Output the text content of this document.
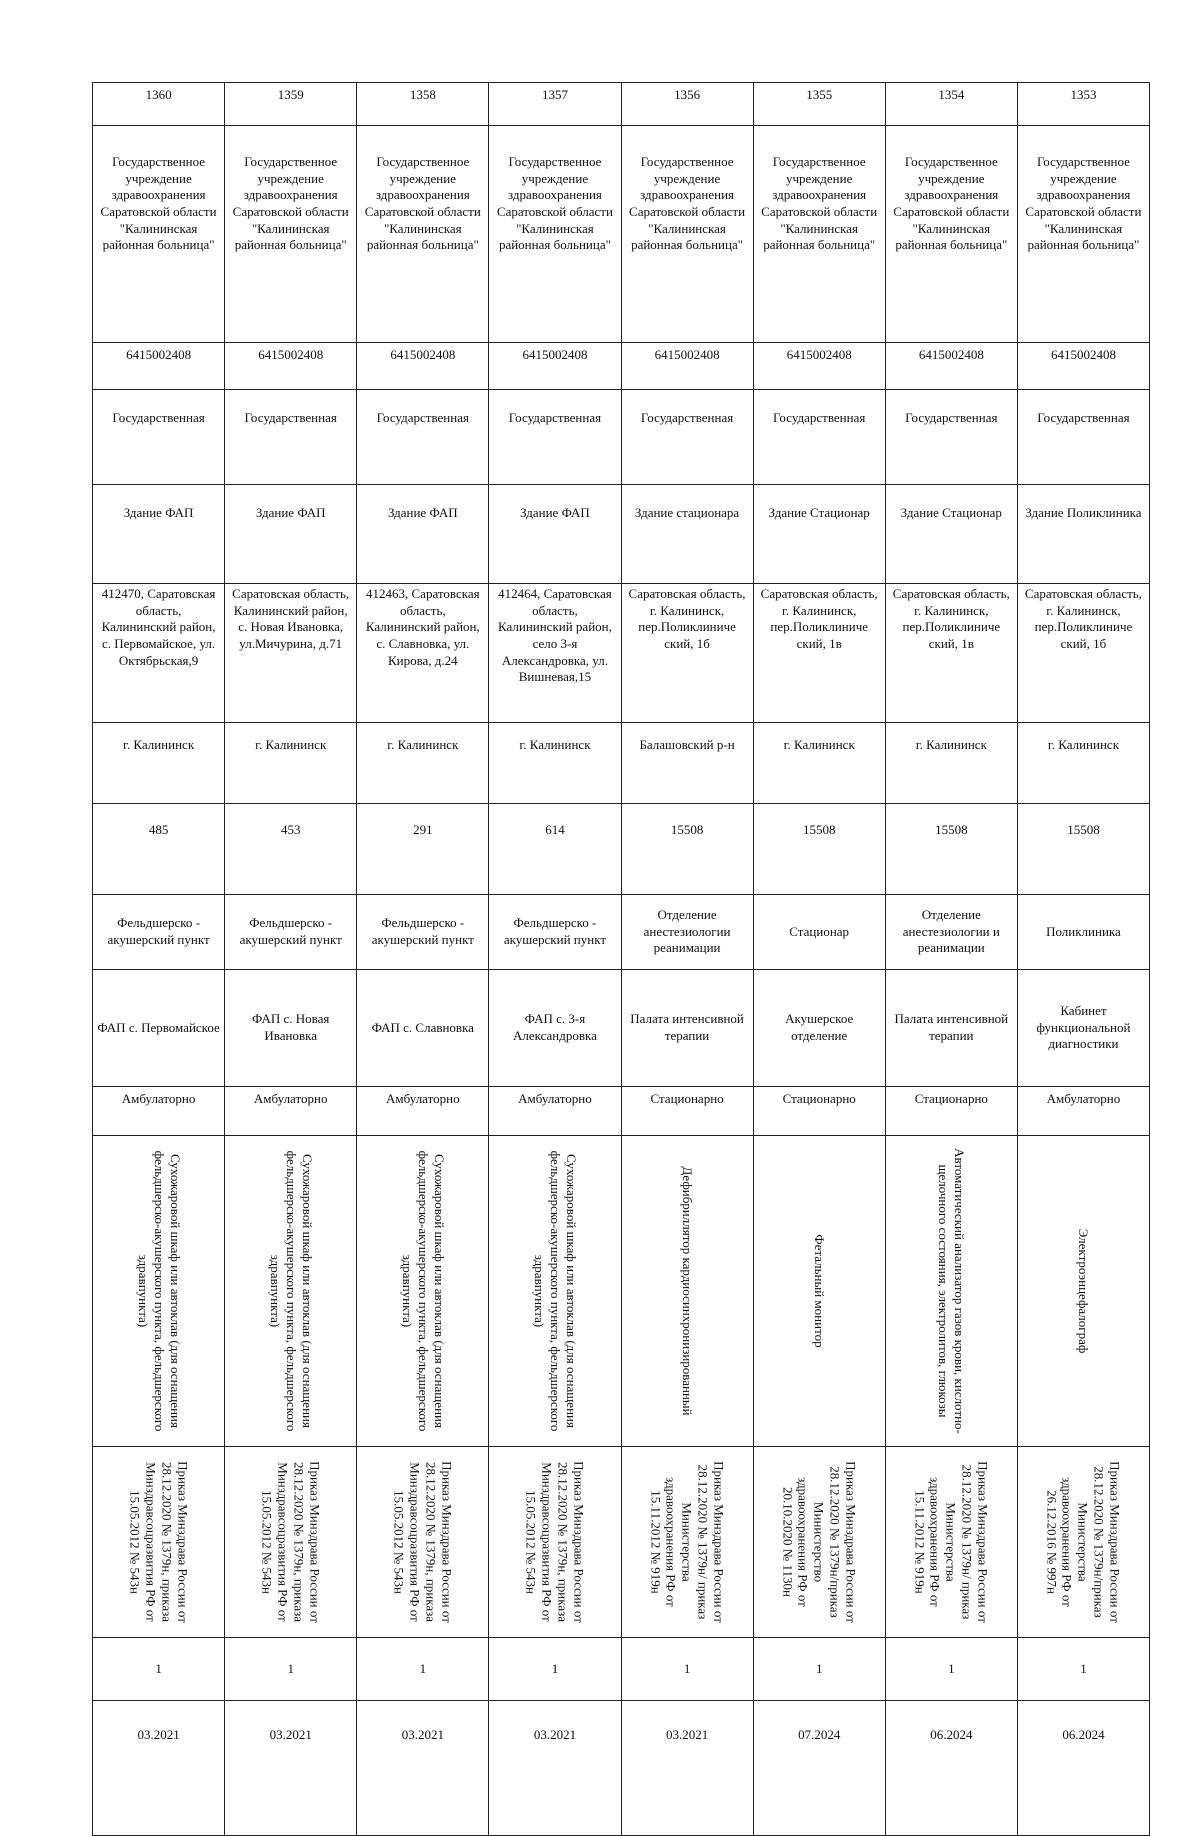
1360	1359	1358	1357	1356	1355	1354	1353
Государственное учреждение здравоохранения Саратовской области "Калининская районная больница"	Государственное учреждение здравоохранения Саратовской области "Калининская районная больница"	Государственное учреждение здравоохранения Саратовской области "Калининская районная больница"	Государственное учреждение здравоохранения Саратовской области "Калининская районная больница"	Государственное учреждение здравоохранения Саратовской области "Калининская районная больница"	Государственное учреждение здравоохранения Саратовской области "Калининская районная больница"	Государственное учреждение здравоохранения Саратовской области "Калининская районная больница"	Государственное учреждение здравоохранения Саратовской области "Калининская районная больница"
6415002408	6415002408	6415002408	6415002408	6415002408	6415002408	6415002408	6415002408
Государственная	Государственная	Государственная	Государственная	Государственная	Государственная	Государственная	Государственная
Здание ФАП	Здание ФАП	Здание ФАП	Здание ФАП	Здание стационара	Здание Стационар	Здание Стационар	Здание Поликлиника
412470, Саратовская область, Калининский район, с. Первомайское, ул. Октябрьская,9	Саратовская область, Калининский район, с. Новая Ивановка, ул.Мичурина, д.71	412463, Саратовская область, Калининский район, с. Славновка, ул. Кирова, д.24	412464, Саратовская область, Калининский район, село 3-я Александровка, ул. Вишневая,15	Саратовская область, г. Калининск, пер.Поликлиниче ский, 1б	Саратовская область, г. Калининск, пер.Поликлиниче ский, 1в	Саратовская область, г. Калининск, пер.Поликлиниче ский, 1в	Саратовская область, г. Калининск, пер.Поликлиниче ский, 1б
г. Калининск	г. Калининск	г. Калининск	г. Калининск	Балашовский р-н	г. Калининск	г. Калининск	г. Калининск
485	453	291	614	15508	15508	15508	15508
Фельдшерско - акушерский пункт	Фельдшерско - акушерский пункт	Фельдшерско - акушерский пункт	Фельдшерско - акушерский пункт	Отделение анестезиологии реанимации	Стационар	Отделение анестезиологии и реанимации	Поликлиника
ФАП с. Первомайское	ФАП с. Новая Ивановка	ФАП с. Славновка	ФАП с. 3-я Александровка	Палата интенсивной терапии	Акушерское отделение	Палата интенсивной терапии	Кабинет функциональной диагностики
Амбулаторно	Амбулаторно	Амбулаторно	Амбулаторно	Стационарно	Стационарно	Стационарно	Амбулаторно

Сухожаровой шкаф или автоклав (для оснащения фельдшерско-акушерского пункта, фельдшерского здравпункта)	Сухожаровой шкаф или автоклав (для оснащения фельдшерско-акушерского пункта, фельдшерского здравпункта)	Сухожаровой шкаф или автоклав (для оснащения фельдшерско-акушерского пункта, фельдшерского здравпункта)	Сухожаровой шкаф или автоклав (для оснащения фельдшерско-акушерского пункта, фельдшерского здравпункта)	Дефибриллятор кардиосинхронизированный	Фетальный монитор	Автоматический анализатор газов крови, кислотно-щелочного состояния, электролитов, глюкозы	Электроэнцефалограф

Приказ Минздрава России от 28.12.2020 № 1379н, приказа Минздравсоцразвития РФ от 15.05.2012 № 543н	Приказ Минздрава России от 28.12.2020 № 1379н, приказа Минздравсоцразвития РФ от 15.05.2012 № 543н	Приказ Минздрава России от 28.12.2020 № 1379н, приказа Минздравсоцразвития РФ от 15.05.2012 № 543н	Приказ Минздрава России от 28.12.2020 № 1379н, приказа Минздравсоцразвития РФ от 15.05.2012 № 543н	Приказ Минздрава России от 28.12.2020 № 1379н/ приказ Министерства здравоохранения РФ от 15.11.2012 № 919н	Приказ Минздрава России от 28.12.2020 № 1379н/приказ Министерство здравоохранения РФ от 20.10.2020 № 1130н	Приказ Минздрава России от 28.12.2020 № 1379н/ приказ Министерства здравоохранения РФ от 15.11.2012 № 919н	Приказ Минздрава России от 28.12.2020 № 1379н/приказ Министерства здравоохранения РФ от 26.12.2016 № 997н

1	1	1	1	1	1	1	1
03.2021	03.2021	03.2021	03.2021	03.2021	07.2024	06.2024	06.2024
